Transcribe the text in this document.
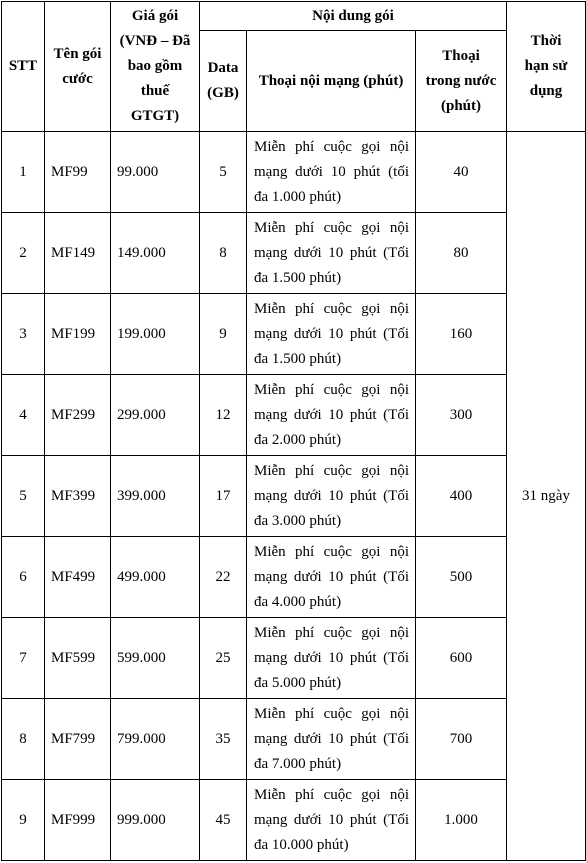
STT	Tên gói cước	Giá gói (VNĐ – Đã bao gồm thuế GTGT)	Nội dung gói			Thời hạn sử dụng
			Data (GB)	Thoại nội mạng (phút)	Thoại trong nước (phút)	
1	MF99	99.000	5	Miễn phí cuộc gọi nội mạng dưới 10 phút (tối đa 1.000 phút)	40	31 ngày
2	MF149	149.000	8	Miễn phí cuộc gọi nội mạng dưới 10 phút (Tối đa 1.500 phút)	80	
3	MF199	199.000	9	Miễn phí cuộc gọi nội mạng dưới 10 phút (Tối đa 1.500 phút)	160	
4	MF299	299.000	12	Miễn phí cuộc gọi nội mạng dưới 10 phút (Tối đa 2.000 phút)	300	
5	MF399	399.000	17	Miễn phí cuộc gọi nội mạng dưới 10 phút (Tối đa 3.000 phút)	400	
6	MF499	499.000	22	Miễn phí cuộc gọi nội mạng dưới 10 phút (Tối đa 4.000 phút)	500	
7	MF599	599.000	25	Miễn phí cuộc gọi nội mạng dưới 10 phút (Tối đa 5.000 phút)	600	
8	MF799	799.000	35	Miễn phí cuộc gọi nội mạng dưới 10 phút (Tối đa 7.000 phút)	700	
9	MF999	999.000	45	Miễn phí cuộc gọi nội mạng dưới 10 phút (Tối đa 10.000 phút)	1.000	
